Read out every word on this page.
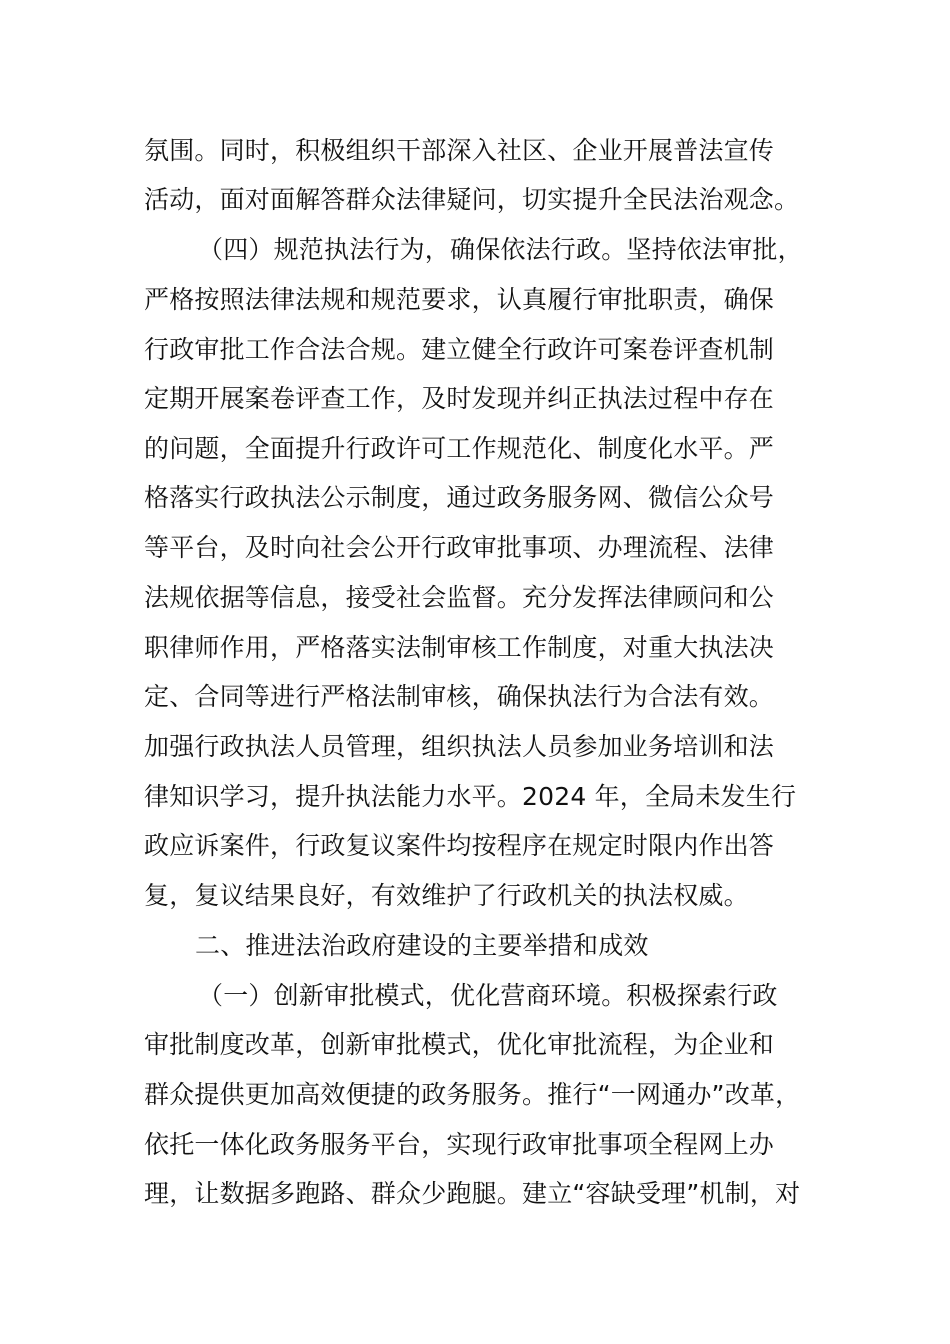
氛围。同时，积极组织干部深入社区、企业开展普法宣传
活动，面对面解答群众法律疑问，切实提升全民法治观念。
（四）规范执法行为，确保依法行政。坚持依法审批，
严格按照法律法规和规范要求，认真履行审批职责，确保
行政审批工作合法合规。建立健全行政许可案卷评查机制
定期开展案卷评查工作，及时发现并纠正执法过程中存在
的问题，全面提升行政许可工作规范化、制度化水平。严
格落实行政执法公示制度，通过政务服务网、微信公众号
等平台，及时向社会公开行政审批事项、办理流程、法律
法规依据等信息，接受社会监督。充分发挥法律顾问和公
职律师作用，严格落实法制审核工作制度，对重大执法决
定、合同等进行严格法制审核，确保执法行为合法有效。
加强行政执法人员管理，组织执法人员参加业务培训和法
律知识学习，提升执法能力水平。2024 年，全局未发生行
政应诉案件，行政复议案件均按程序在规定时限内作出答
复，复议结果良好，有效维护了行政机关的执法权威。
二、推进法治政府建设的主要举措和成效
（一）创新审批模式，优化营商环境。积极探索行政
审批制度改革，创新审批模式，优化审批流程，为企业和
群众提供更加高效便捷的政务服务。推行“一网通办”改革，
依托一体化政务服务平台，实现行政审批事项全程网上办
理，让数据多跑路、群众少跑腿。建立“容缺受理”机制，对
